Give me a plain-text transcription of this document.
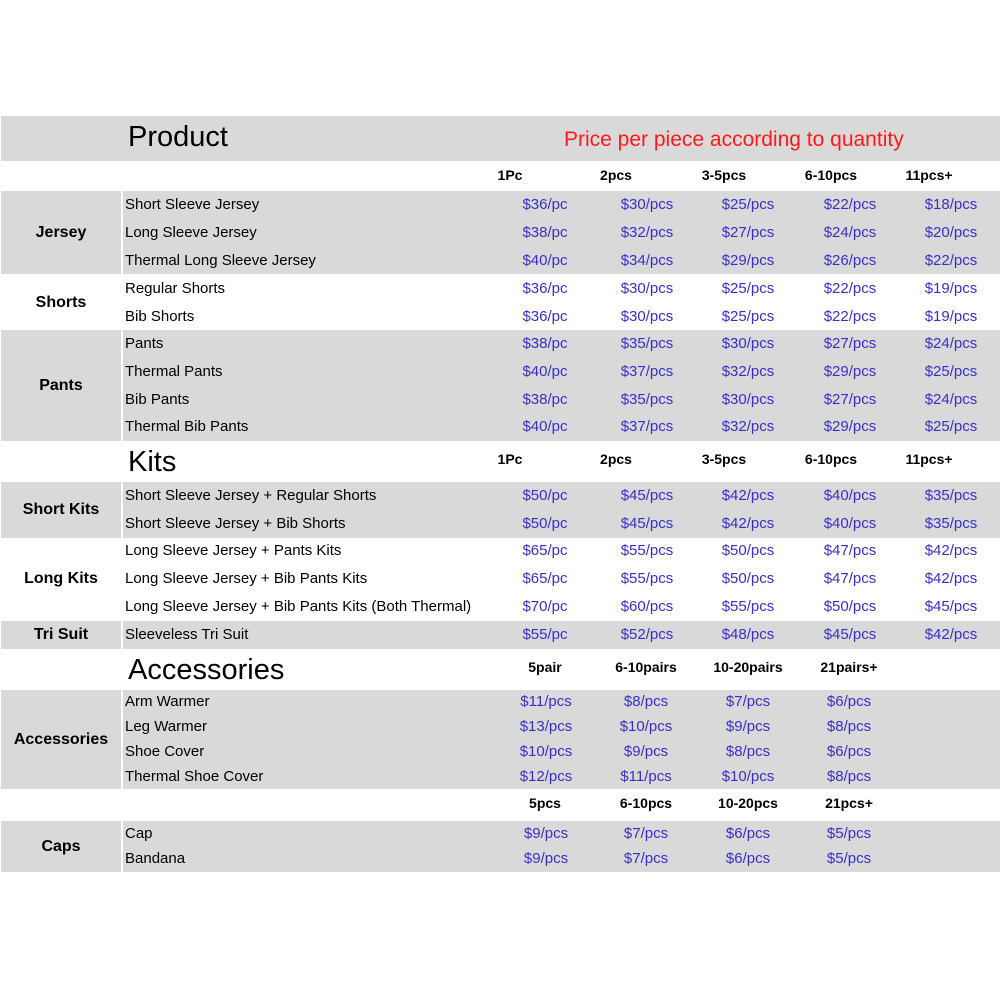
Product	Price per piece according to quantity
1Pc	2pcs	3-5pcs	6-10pcs	11pcs+
Jersey
Short Sleeve Jersey	$36/pc	$30/pcs	$25/pcs	$22/pcs	$18/pcs
Long Sleeve Jersey	$38/pc	$32/pcs	$27/pcs	$24/pcs	$20/pcs
Thermal Long Sleeve Jersey	$40/pc	$34/pcs	$29/pcs	$26/pcs	$22/pcs
Shorts
Regular Shorts	$36/pc	$30/pcs	$25/pcs	$22/pcs	$19/pcs
Bib Shorts	$36/pc	$30/pcs	$25/pcs	$22/pcs	$19/pcs
Pants
Pants	$38/pc	$35/pcs	$30/pcs	$27/pcs	$24/pcs
Thermal Pants	$40/pc	$37/pcs	$32/pcs	$29/pcs	$25/pcs
Bib Pants	$38/pc	$35/pcs	$30/pcs	$27/pcs	$24/pcs
Thermal Bib Pants	$40/pc	$37/pcs	$32/pcs	$29/pcs	$25/pcs
Kits	1Pc	2pcs	3-5pcs	6-10pcs	11pcs+
Short Kits
Short Sleeve Jersey + Regular Shorts	$50/pc	$45/pcs	$42/pcs	$40/pcs	$35/pcs
Short Sleeve Jersey + Bib Shorts	$50/pc	$45/pcs	$42/pcs	$40/pcs	$35/pcs
Long Kits
Long Sleeve Jersey + Pants Kits	$65/pc	$55/pcs	$50/pcs	$47/pcs	$42/pcs
Long Sleeve Jersey + Bib Pants Kits	$65/pc	$55/pcs	$50/pcs	$47/pcs	$42/pcs
Long Sleeve Jersey + Bib Pants Kits (Both Thermal)	$70/pc	$60/pcs	$55/pcs	$50/pcs	$45/pcs
Tri Suit	Sleeveless Tri Suit	$55/pc	$52/pcs	$48/pcs	$45/pcs	$42/pcs
Accessories	5pair	6-10pairs	10-20pairs	21pairs+
Accessories
Arm Warmer	$11/pcs	$8/pcs	$7/pcs	$6/pcs
Leg Warmer	$13/pcs	$10/pcs	$9/pcs	$8/pcs
Shoe Cover	$10/pcs	$9/pcs	$8/pcs	$6/pcs
Thermal Shoe Cover	$12/pcs	$11/pcs	$10/pcs	$8/pcs
5pcs	6-10pcs	10-20pcs	21pcs+
Caps
Cap	$9/pcs	$7/pcs	$6/pcs	$5/pcs
Bandana	$9/pcs	$7/pcs	$6/pcs	$5/pcs
